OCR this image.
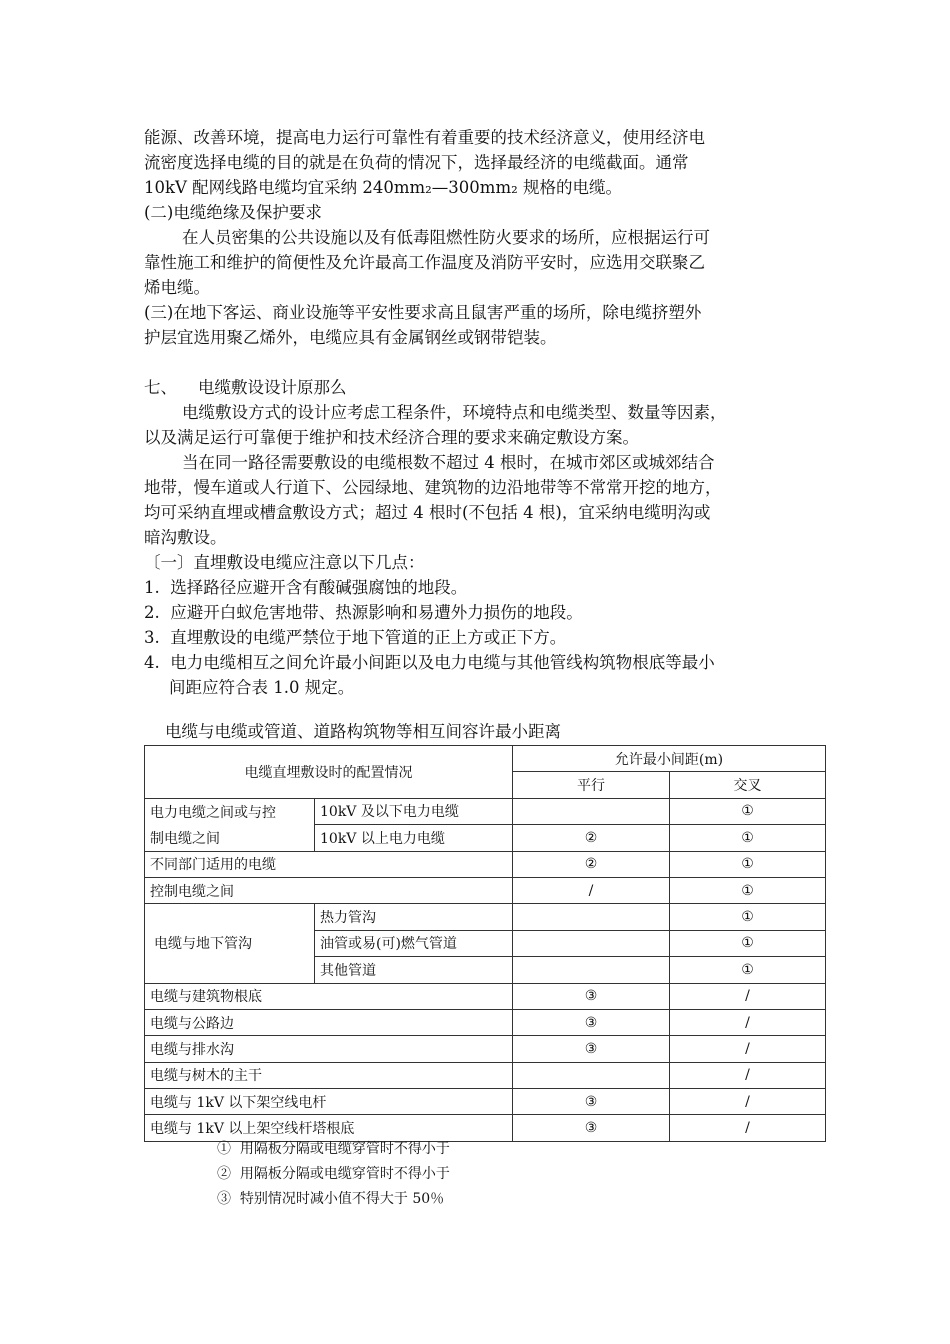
能源、改善环境，提高电力运行可靠性有着重要的技术经济意义，使用经济电
流密度选择电缆的目的就是在负荷的情况下，选择最经济的电缆截面。通常
10kV 配网线路电缆均宜采纳 240mm₂—300mm₂ 规格的电缆。
(二)电缆绝缘及保护要求
在人员密集的公共设施以及有低毒阻燃性防火要求的场所，应根据运行可
靠性施工和维护的简便性及允许最高工作温度及消防平安时，应选用交联聚乙
烯电缆。
(三)在地下客运、商业设施等平安性要求高且鼠害严重的场所，除电缆挤塑外
护层宜选用聚乙烯外，电缆应具有金属钢丝或钢带铠装。
七、    电缆敷设设计原那么
电缆敷设方式的设计应考虑工程条件，环境特点和电缆类型、数量等因素，
以及满足运行可靠便于维护和技术经济合理的要求来确定敷设方案。
当在同一路径需要敷设的电缆根数不超过 4 根时，在城市郊区或城郊结合
地带，慢车道或人行道下、公园绿地、建筑物的边沿地带等不常常开挖的地方，
均可采纳直埋或槽盒敷设方式；超过 4 根时(不包括 4 根)，宜采纳电缆明沟或
暗沟敷设。
〔一〕直埋敷设电缆应注意以下几点：
1.  选择路径应避开含有酸碱强腐蚀的地段。
2.  应避开白蚁危害地带、热源影响和易遭外力损伤的地段。
3.  直埋敷设的电缆严禁位于地下管道的正上方或正下方。
4.  电力电缆相互之间允许最小间距以及电力电缆与其他管线构筑物根底等最小
间距应符合表 1.0 规定。
电缆与电缆或管道、道路构筑物等相互间容许最小距离
电缆直埋敷设时的配置情况		允许最小间距(m)	
		平行	交叉
电力电缆之间或与控	10kV 及以下电力电缆		①
制电缆之间	10kV 以上电力电缆	②	①
不同部门适用的电缆		②	①
控制电缆之间		/	①
电缆与地下管沟	热力管沟		①
	油管或易(可)燃气管道		①
	其他管道		①
电缆与建筑物根底		③	/
电缆与公路边		③	/
电缆与排水沟		③	/
电缆与树木的主干			/
电缆与 1kV 以下架空线电杆		③	/
电缆与 1kV 以上架空线杆塔根底		③	/
①  用隔板分隔或电缆穿管时不得小于
②  用隔板分隔或电缆穿管时不得小于
③  特别情况时减小值不得大于 50％
